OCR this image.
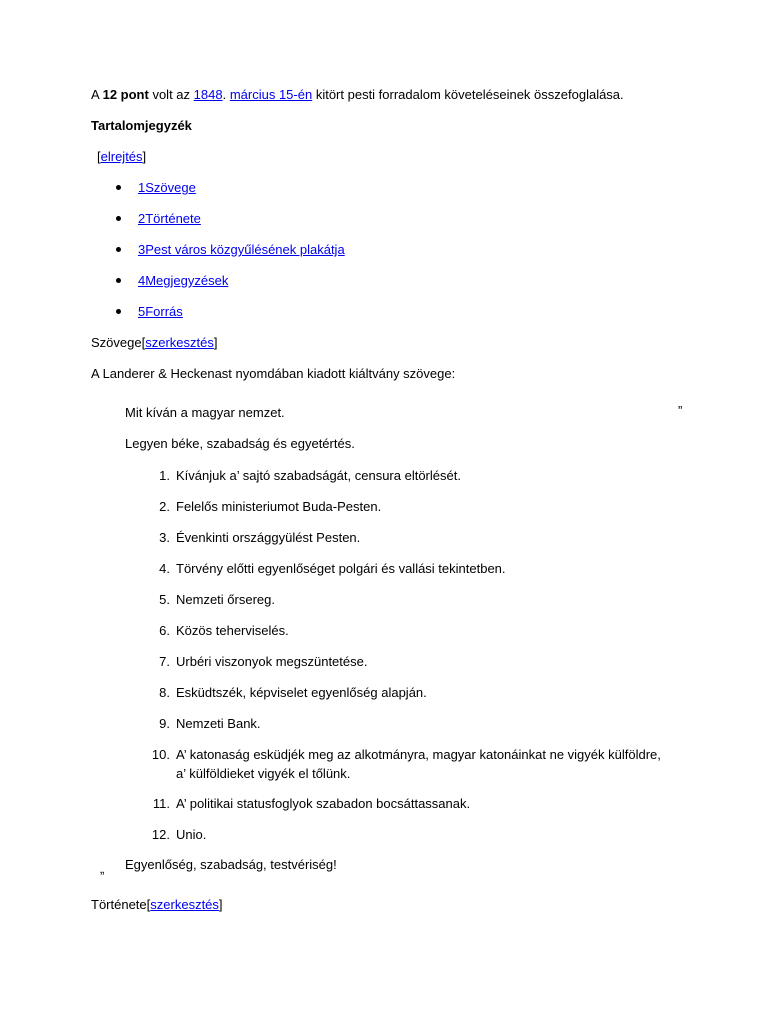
A 12 pont volt az 1848. március 15-én kitört pesti forradalom követeléseinek összefoglalása.
Tartalomjegyzék
[elrejtés]
1Szövege
2Története
3Pest város közgyűlésének plakátja
4Megjegyzések
5Forrás
Szövege[szerkesztés]
A Landerer & Heckenast nyomdában kiadott kiáltvány szövege:
Mit kíván a magyar nemzet.	”
Legyen béke, szabadság és egyetértés.
1. Kívánjuk a’ sajtó szabadságát, censura eltörlését.
2. Felelős ministeriumot Buda-Pesten.
3. Évenkinti országgyülést Pesten.
4. Törvény előtti egyenlőséget polgári és vallási tekintetben.
5. Nemzeti őrsereg.
6. Közös teherviselés.
7. Urbéri viszonyok megszüntetése.
8. Esküdtszék, képviselet egyenlőség alapján.
9. Nemzeti Bank.
10. A’ katonaság esküdjék meg az alkotmányra, magyar katonáinkat ne vigyék külföldre,
a’ külföldieket vigyék el tőlünk.
11. A’ politikai statusfoglyok szabadon bocsáttassanak.
12. Unio.
„ Egyenlőség, szabadság, testvériség!
Története[szerkesztés]
